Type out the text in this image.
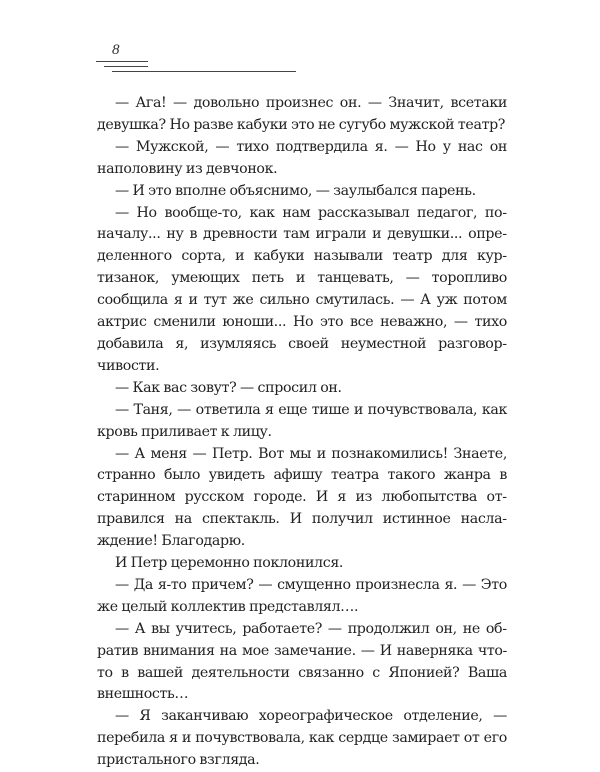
8

— Ага! — довольно произнес он. — Значит, всетаки девушка? Но разве кабуки это не сугубо мужской театр?

— Мужской, — тихо подтвердила я. — Но у нас он наполовину из девчонок.

— И это вполне объяснимо, — заулыбался парень.

— Но вообще-то, как нам рассказывал педагог, поначалу... ну в древности там играли и девушки... определенного сорта, и кабуки называли театр для куртизанок, умеющих петь и танцевать, — торопливо сообщила я и тут же сильно смутилась. — А уж потом актрис сменили юноши... Но это все неважно, — тихо добавила я, изумляясь своей неуместной разговорчивости.

— Как вас зовут? — спросил он.

— Таня, — ответила я еще тише и почувствовала, как кровь приливает к лицу.

— А меня — Петр. Вот мы и познакомились! Знаете, странно было увидеть афишу театра такого жанра в старинном русском городе. И я из любопытства отправился на спектакль. И получил истинное наслаждение! Благодарю.

И Петр церемонно поклонился.

— Да я-то причем? — смущенно произнесла я. — Это же целый коллектив представлял….

— А вы учитесь, работаете? — продолжил он, не обратив внимания на мое замечание. — И наверняка что-то в вашей деятельности связанно с Японией? Ваша внешность…

— Я заканчиваю хореографическое отделение, — перебила я и почувствовала, как сердце замирает от его пристального взгляда.
